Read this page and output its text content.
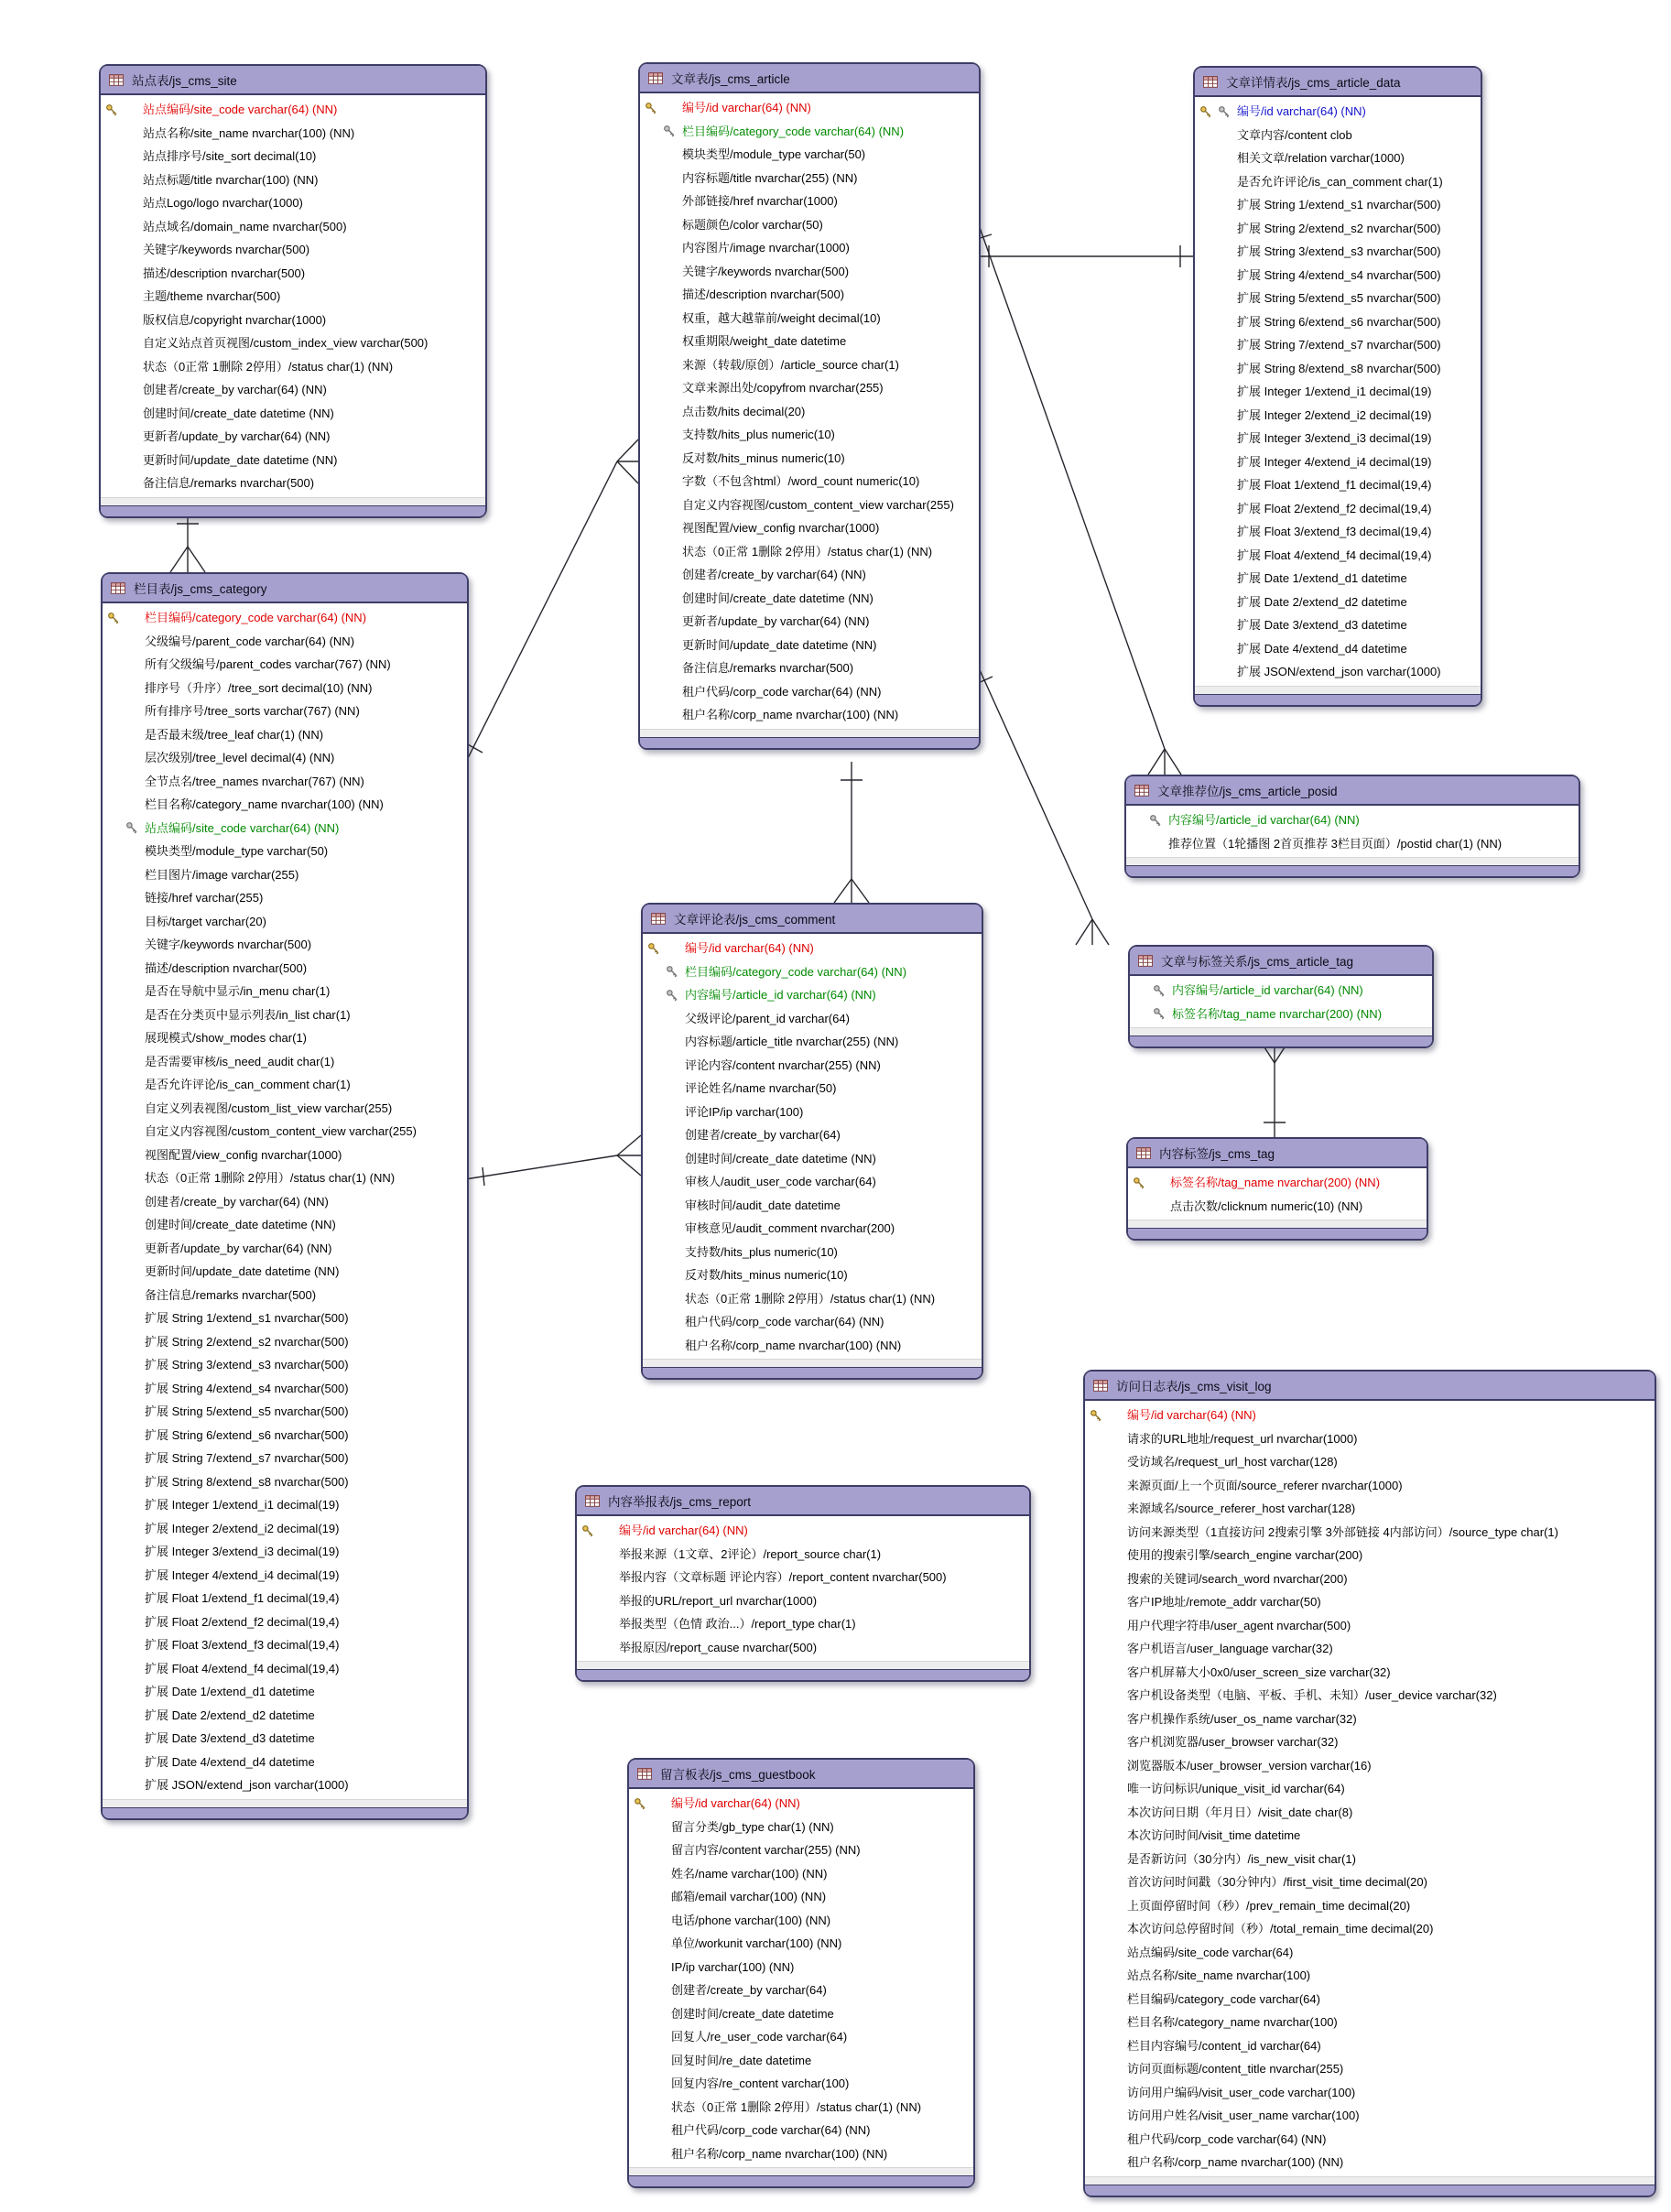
站点表/js_cms_site
站点编码/site_code varchar(64) (NN)
站点名称/site_name nvarchar(100) (NN)
站点排序号/site_sort decimal(10)
站点标题/title nvarchar(100) (NN)
站点Logo/logo nvarchar(1000)
站点域名/domain_name nvarchar(500)
关键字/keywords nvarchar(500)
描述/description nvarchar(500)
主题/theme nvarchar(500)
版权信息/copyright nvarchar(1000)
自定义站点首页视图/custom_index_view varchar(500)
状态（0正常 1删除 2停用）/status char(1) (NN)
创建者/create_by varchar(64) (NN)
创建时间/create_date datetime (NN)
更新者/update_by varchar(64) (NN)
更新时间/update_date datetime (NN)
备注信息/remarks nvarchar(500)
栏目表/js_cms_category
栏目编码/category_code varchar(64) (NN)
父级编号/parent_code varchar(64) (NN)
所有父级编号/parent_codes varchar(767) (NN)
排序号（升序）/tree_sort decimal(10) (NN)
所有排序号/tree_sorts varchar(767) (NN)
是否最末级/tree_leaf char(1) (NN)
层次级别/tree_level decimal(4) (NN)
全节点名/tree_names nvarchar(767) (NN)
栏目名称/category_name nvarchar(100) (NN)
站点编码/site_code varchar(64) (NN)
模块类型/module_type varchar(50)
栏目图片/image varchar(255)
链接/href varchar(255)
目标/target varchar(20)
关键字/keywords nvarchar(500)
描述/description nvarchar(500)
是否在导航中显示/in_menu char(1)
是否在分类页中显示列表/in_list char(1)
展现模式/show_modes char(1)
是否需要审核/is_need_audit char(1)
是否允许评论/is_can_comment char(1)
自定义列表视图/custom_list_view varchar(255)
自定义内容视图/custom_content_view varchar(255)
视图配置/view_config nvarchar(1000)
状态（0正常 1删除 2停用）/status char(1) (NN)
创建者/create_by varchar(64) (NN)
创建时间/create_date datetime (NN)
更新者/update_by varchar(64) (NN)
更新时间/update_date datetime (NN)
备注信息/remarks nvarchar(500)
扩展 String 1/extend_s1 nvarchar(500)
扩展 String 2/extend_s2 nvarchar(500)
扩展 String 3/extend_s3 nvarchar(500)
扩展 String 4/extend_s4 nvarchar(500)
扩展 String 5/extend_s5 nvarchar(500)
扩展 String 6/extend_s6 nvarchar(500)
扩展 String 7/extend_s7 nvarchar(500)
扩展 String 8/extend_s8 nvarchar(500)
扩展 Integer 1/extend_i1 decimal(19)
扩展 Integer 2/extend_i2 decimal(19)
扩展 Integer 3/extend_i3 decimal(19)
扩展 Integer 4/extend_i4 decimal(19)
扩展 Float 1/extend_f1 decimal(19,4)
扩展 Float 2/extend_f2 decimal(19,4)
扩展 Float 3/extend_f3 decimal(19,4)
扩展 Float 4/extend_f4 decimal(19,4)
扩展 Date 1/extend_d1 datetime
扩展 Date 2/extend_d2 datetime
扩展 Date 3/extend_d3 datetime
扩展 Date 4/extend_d4 datetime
扩展 JSON/extend_json varchar(1000)
文章表/js_cms_article
编号/id varchar(64) (NN)
栏目编码/category_code varchar(64) (NN)
模块类型/module_type varchar(50)
内容标题/title nvarchar(255) (NN)
外部链接/href nvarchar(1000)
标题颜色/color varchar(50)
内容图片/image nvarchar(1000)
关键字/keywords nvarchar(500)
描述/description nvarchar(500)
权重，越大越靠前/weight decimal(10)
权重期限/weight_date datetime
来源（转载/原创）/article_source char(1)
文章来源出处/copyfrom nvarchar(255)
点击数/hits decimal(20)
支持数/hits_plus numeric(10)
反对数/hits_minus numeric(10)
字数（不包含html）/word_count numeric(10)
自定义内容视图/custom_content_view varchar(255)
视图配置/view_config nvarchar(1000)
状态（0正常 1删除 2停用）/status char(1) (NN)
创建者/create_by varchar(64) (NN)
创建时间/create_date datetime (NN)
更新者/update_by varchar(64) (NN)
更新时间/update_date datetime (NN)
备注信息/remarks nvarchar(500)
租户代码/corp_code varchar(64) (NN)
租户名称/corp_name nvarchar(100) (NN)
文章详情表/js_cms_article_data
编号/id varchar(64) (NN)
文章内容/content clob
相关文章/relation varchar(1000)
是否允许评论/is_can_comment char(1)
扩展 String 1/extend_s1 nvarchar(500)
扩展 String 2/extend_s2 nvarchar(500)
扩展 String 3/extend_s3 nvarchar(500)
扩展 String 4/extend_s4 nvarchar(500)
扩展 String 5/extend_s5 nvarchar(500)
扩展 String 6/extend_s6 nvarchar(500)
扩展 String 7/extend_s7 nvarchar(500)
扩展 String 8/extend_s8 nvarchar(500)
扩展 Integer 1/extend_i1 decimal(19)
扩展 Integer 2/extend_i2 decimal(19)
扩展 Integer 3/extend_i3 decimal(19)
扩展 Integer 4/extend_i4 decimal(19)
扩展 Float 1/extend_f1 decimal(19,4)
扩展 Float 2/extend_f2 decimal(19,4)
扩展 Float 3/extend_f3 decimal(19,4)
扩展 Float 4/extend_f4 decimal(19,4)
扩展 Date 1/extend_d1 datetime
扩展 Date 2/extend_d2 datetime
扩展 Date 3/extend_d3 datetime
扩展 Date 4/extend_d4 datetime
扩展 JSON/extend_json varchar(1000)
文章推荐位/js_cms_article_posid
内容编号/article_id varchar(64) (NN)
推荐位置（1轮播图 2首页推荐 3栏目页面）/postid char(1) (NN)
文章与标签关系/js_cms_article_tag
内容编号/article_id varchar(64) (NN)
标签名称/tag_name nvarchar(200) (NN)
内容标签/js_cms_tag
标签名称/tag_name nvarchar(200) (NN)
点击次数/clicknum numeric(10) (NN)
文章评论表/js_cms_comment
编号/id varchar(64) (NN)
栏目编码/category_code varchar(64) (NN)
内容编号/article_id varchar(64) (NN)
父级评论/parent_id varchar(64)
内容标题/article_title nvarchar(255) (NN)
评论内容/content nvarchar(255) (NN)
评论姓名/name nvarchar(50)
评论IP/ip varchar(100)
创建者/create_by varchar(64)
创建时间/create_date datetime (NN)
审核人/audit_user_code varchar(64)
审核时间/audit_date datetime
审核意见/audit_comment nvarchar(200)
支持数/hits_plus numeric(10)
反对数/hits_minus numeric(10)
状态（0正常 1删除 2停用）/status char(1) (NN)
租户代码/corp_code varchar(64) (NN)
租户名称/corp_name nvarchar(100) (NN)
内容举报表/js_cms_report
编号/id varchar(64) (NN)
举报来源（1文章、2评论）/report_source char(1)
举报内容（文章标题 评论内容）/report_content nvarchar(500)
举报的URL/report_url nvarchar(1000)
举报类型（色情 政治...）/report_type char(1)
举报原因/report_cause nvarchar(500)
留言板表/js_cms_guestbook
编号/id varchar(64) (NN)
留言分类/gb_type char(1) (NN)
留言内容/content varchar(255) (NN)
姓名/name varchar(100) (NN)
邮箱/email varchar(100) (NN)
电话/phone varchar(100) (NN)
单位/workunit varchar(100) (NN)
IP/ip varchar(100) (NN)
创建者/create_by varchar(64)
创建时间/create_date datetime
回复人/re_user_code varchar(64)
回复时间/re_date datetime
回复内容/re_content varchar(100)
状态（0正常 1删除 2停用）/status char(1) (NN)
租户代码/corp_code varchar(64) (NN)
租户名称/corp_name nvarchar(100) (NN)
访问日志表/js_cms_visit_log
编号/id varchar(64) (NN)
请求的URL地址/request_url nvarchar(1000)
受访域名/request_url_host varchar(128)
来源页面/上一个页面/source_referer nvarchar(1000)
来源域名/source_referer_host varchar(128)
访问来源类型（1直接访问 2搜索引擎 3外部链接 4内部访问）/source_type char(1)
使用的搜索引擎/search_engine varchar(200)
搜索的关键词/search_word nvarchar(200)
客户IP地址/remote_addr varchar(50)
用户代理字符串/user_agent nvarchar(500)
客户机语言/user_language varchar(32)
客户机屏幕大小0x0/user_screen_size varchar(32)
客户机设备类型（电脑、平板、手机、未知）/user_device varchar(32)
客户机操作系统/user_os_name varchar(32)
客户机浏览器/user_browser varchar(32)
浏览器版本/user_browser_version varchar(16)
唯一访问标识/unique_visit_id varchar(64)
本次访问日期（年月日）/visit_date char(8)
本次访问时间/visit_time datetime
是否新访问（30分内）/is_new_visit char(1)
首次访问时间戳（30分钟内）/first_visit_time decimal(20)
上页面停留时间（秒）/prev_remain_time decimal(20)
本次访问总停留时间（秒）/total_remain_time decimal(20)
站点编码/site_code varchar(64)
站点名称/site_name nvarchar(100)
栏目编码/category_code varchar(64)
栏目名称/category_name nvarchar(100)
栏目内容编号/content_id varchar(64)
访问页面标题/content_title nvarchar(255)
访问用户编码/visit_user_code varchar(100)
访问用户姓名/visit_user_name varchar(100)
租户代码/corp_code varchar(64) (NN)
租户名称/corp_name nvarchar(100) (NN)
